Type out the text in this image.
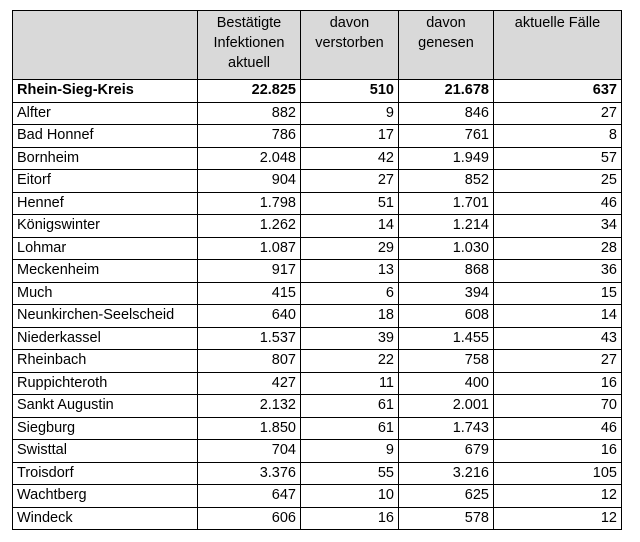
	Bestätigte Infektionen aktuell	davon verstorben	davon genesen	aktuelle Fälle
Rhein-Sieg-Kreis	22.825	510	21.678	637
Alfter	882	9	846	27
Bad Honnef	786	17	761	8
Bornheim	2.048	42	1.949	57
Eitorf	904	27	852	25
Hennef	1.798	51	1.701	46
Königswinter	1.262	14	1.214	34
Lohmar	1.087	29	1.030	28
Meckenheim	917	13	868	36
Much	415	6	394	15
Neunkirchen-Seelscheid	640	18	608	14
Niederkassel	1.537	39	1.455	43
Rheinbach	807	22	758	27
Ruppichteroth	427	11	400	16
Sankt Augustin	2.132	61	2.001	70
Siegburg	1.850	61	1.743	46
Swisttal	704	9	679	16
Troisdorf	3.376	55	3.216	105
Wachtberg	647	10	625	12
Windeck	606	16	578	12
